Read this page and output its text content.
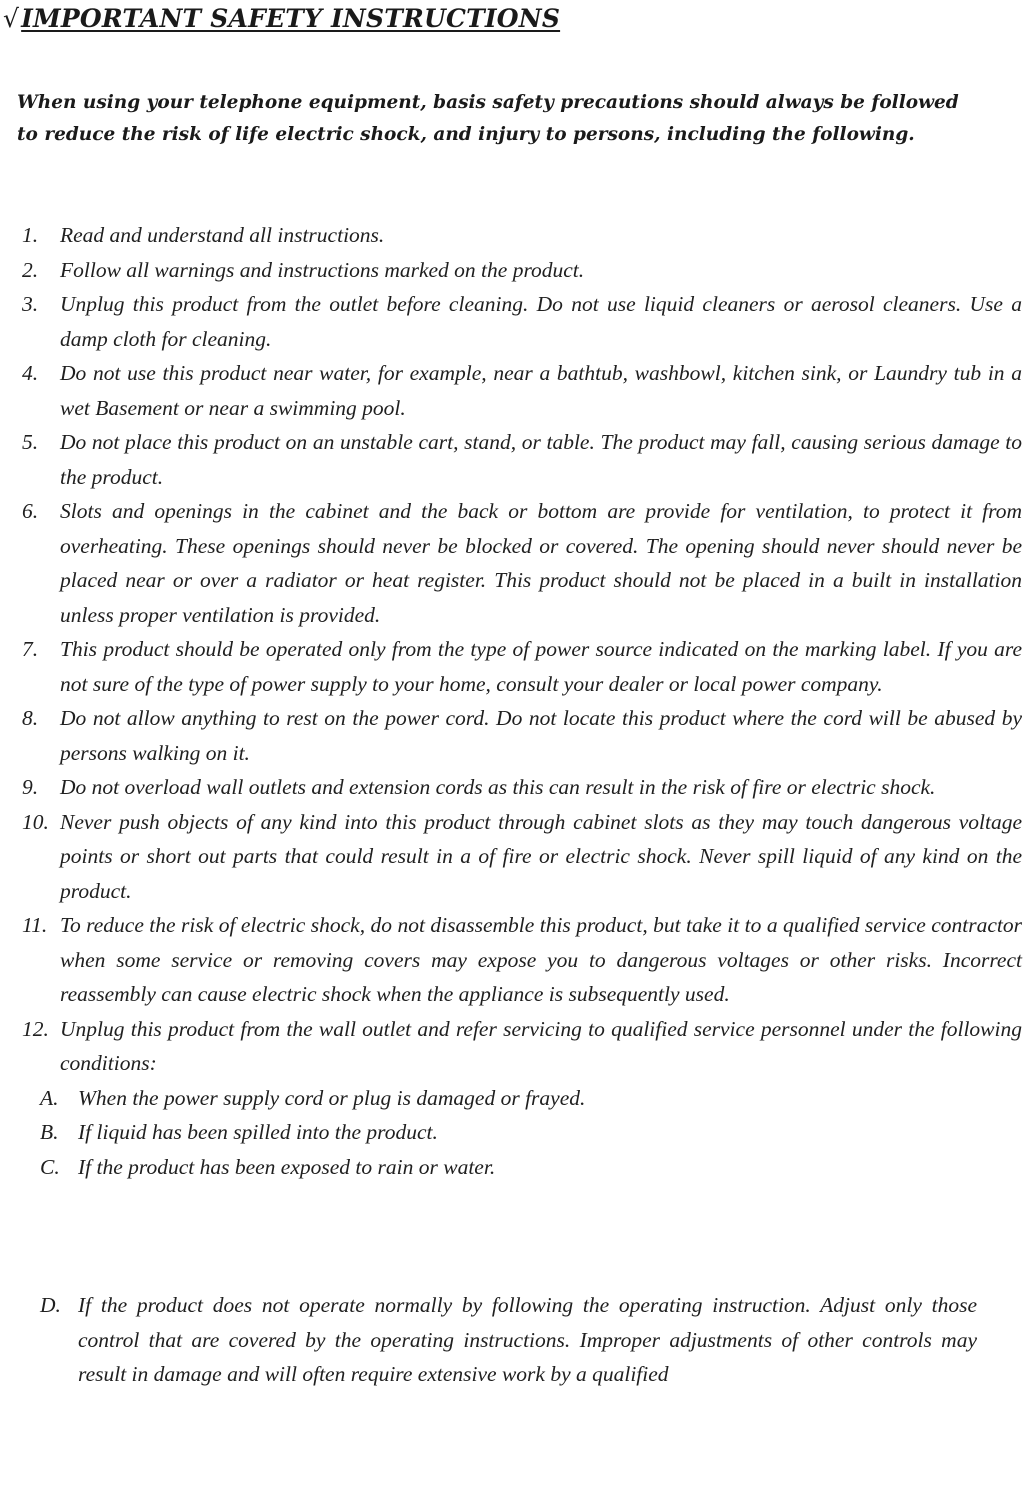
√IMPORTANT SAFETY INSTRUCTIONS
When using your telephone equipment, basis safety precautions should always be followed to reduce the risk of life electric shock, and injury to persons, including the following.
1. Read and understand all instructions.
2. Follow all warnings and instructions marked on the product.
3. Unplug this product from the outlet before cleaning. Do not use liquid cleaners or aerosol cleaners. Use a damp cloth for cleaning.
4. Do not use this product near water, for example, near a bathtub, washbowl, kitchen sink, or Laundry tub in a wet Basement or near a swimming pool.
5. Do not place this product on an unstable cart, stand, or table. The product may fall, causing serious damage to the product.
6. Slots and openings in the cabinet and the back or bottom are provide for ventilation, to protect it from overheating. These openings should never be blocked or covered. The opening should never should never be placed near or over a radiator or heat register. This product should not be placed in a built in installation unless proper ventilation is provided.
7. This product should be operated only from the type of power source indicated on the marking label. If you are not sure of the type of power supply to your home, consult your dealer or local power company.
8. Do not allow anything to rest on the power cord. Do not locate this product where the cord will be abused by persons walking on it.
9. Do not overload wall outlets and extension cords as this can result in the risk of fire or electric shock.
10. Never push objects of any kind into this product through cabinet slots as they may touch dangerous voltage points or short out parts that could result in a of fire or electric shock. Never spill liquid of any kind on the product.
11. To reduce the risk of electric shock, do not disassemble this product, but take it to a qualified service contractor when some service or removing covers may expose you to dangerous voltages or other risks. Incorrect reassembly can cause electric shock when the appliance is subsequently used.
12. Unplug this product from the wall outlet and refer servicing to qualified service personnel under the following conditions:
A. When the power supply cord or plug is damaged or frayed.
B. If liquid has been spilled into the product.
C. If the product has been exposed to rain or water.
D. If the product does not operate normally by following the operating instruction. Adjust only those control that are covered by the operating instructions. Improper adjustments of other controls may result in damage and will often require extensive work by a qualified
